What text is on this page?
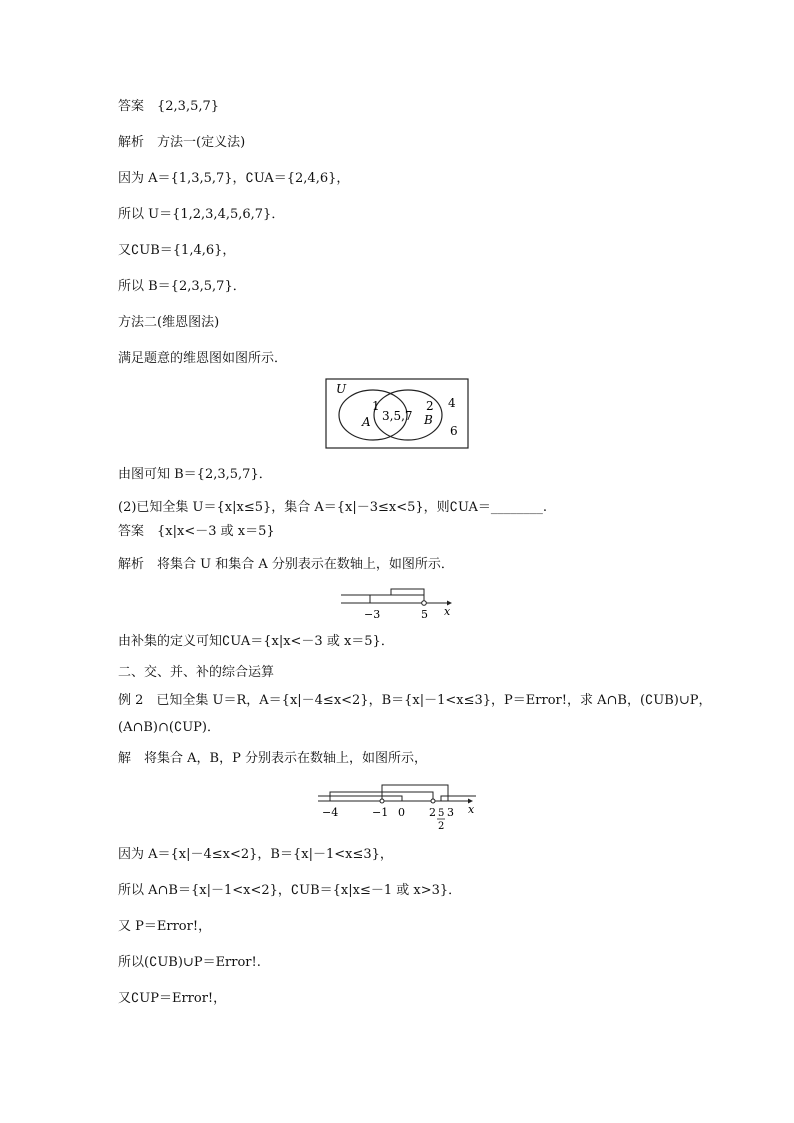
答案　{2,3,5,7}
解析　方法一(定义法)
因为 A＝{1,3,5,7}，∁UA＝{2,4,6}，
所以 U＝{1,2,3,4,5,6,7}．
又∁UB＝{1,4,6}，
所以 B＝{2,3,5,7}．
方法二(维恩图法)
满足题意的维恩图如图所示．
U
1
A 3,5,7
2
B
4
6
由图可知 B＝{2,3,5,7}．
(2)已知全集 U＝{x|x≤5}，集合 A＝{x|－3≤x<5}，则∁UA＝________.
答案　{x|x<－3 或 x＝5}
解析　将集合 U 和集合 A 分别表示在数轴上，如图所示．
−3	5 x
由补集的定义可知∁UA＝{x|x<－3 或 x＝5}．
二、交、并、补的综合运算
例 2　已知全集 U＝R，A＝{x|－4≤x<2}，B＝{x|－1<x≤3}，P＝Error!，求 A∩B，(∁UB)∪P，
(A∩B)∩(∁UP)．
解　将集合 A，B，P 分别表示在数轴上，如图所示，
−4	−1 0 2 5
2
3 x
因为 A＝{x|－4≤x<2}，B＝{x|－1<x≤3}，
所以 A∩B＝{x|－1<x<2}，∁UB＝{x|x≤－1 或 x>3}．
又 P＝Error!，
所以(∁UB)∪P＝Error!.
又∁UP＝Error!，
